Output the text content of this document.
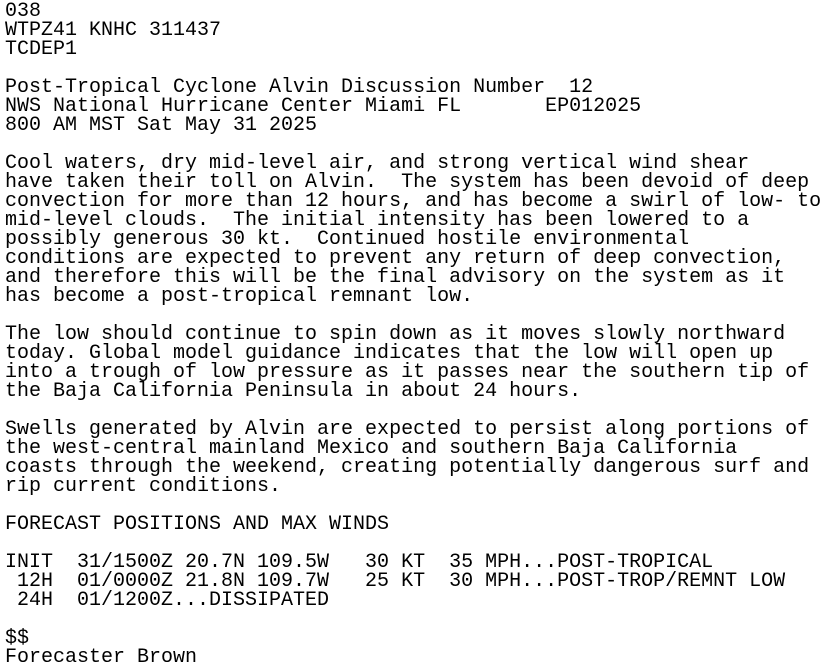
038
WTPZ41 KNHC 311437
TCDEP1
Post-Tropical Cyclone Alvin Discussion Number  12
NWS National Hurricane Center Miami FL       EP012025
800 AM MST Sat May 31 2025
Cool waters, dry mid-level air, and strong vertical wind shear
have taken their toll on Alvin.  The system has been devoid of deep
convection for more than 12 hours, and has become a swirl of low- to
mid-level clouds.  The initial intensity has been lowered to a
possibly generous 30 kt.  Continued hostile environmental
conditions are expected to prevent any return of deep convection,
and therefore this will be the final advisory on the system as it
has become a post-tropical remnant low.
The low should continue to spin down as it moves slowly northward
today. Global model guidance indicates that the low will open up
into a trough of low pressure as it passes near the southern tip of
the Baja California Peninsula in about 24 hours.
Swells generated by Alvin are expected to persist along portions of
the west-central mainland Mexico and southern Baja California
coasts through the weekend, creating potentially dangerous surf and
rip current conditions.
FORECAST POSITIONS AND MAX WINDS
INIT  31/1500Z 20.7N 109.5W   30 KT  35 MPH...POST-TROPICAL
12H  01/0000Z 21.8N 109.7W   25 KT  30 MPH...POST-TROP/REMNT LOW
24H  01/1200Z...DISSIPATED
$$
Forecaster Brown
